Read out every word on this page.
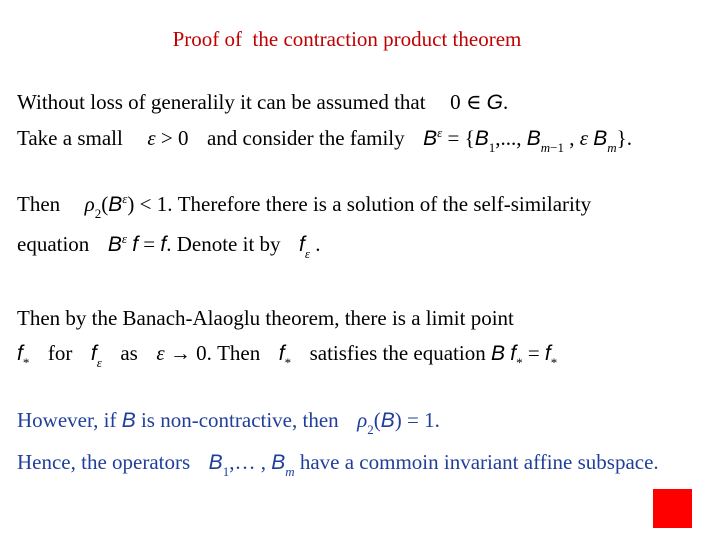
Proof of  the contraction product theorem
Without loss of generalily it can be assumed that 0 ∈ G.
Take a small ε > 0 and consider the family $B^\varepsilon = \{B_1$,..., $B_{m-1}$ , ε $B_m$}.
Then $\rho_2(B^\varepsilon) < 1$. Therefore there is a solution of the self-similarity
equation $B^\varepsilon$ f = f. Denote it by $f_\varepsilon$ .
Then by the Banach-Alaoglu theorem, there is a limit point
$f_*$ for $f_\varepsilon$ as ε → 0. Then $f_*$ satisfies the equation B $f_* = f_*$
However, if B is non-contractive, then $\rho_2(B) = 1$.
Hence, the operators $B_1,\dots$ , $B_m$ have a commoin invariant affine subspace.
